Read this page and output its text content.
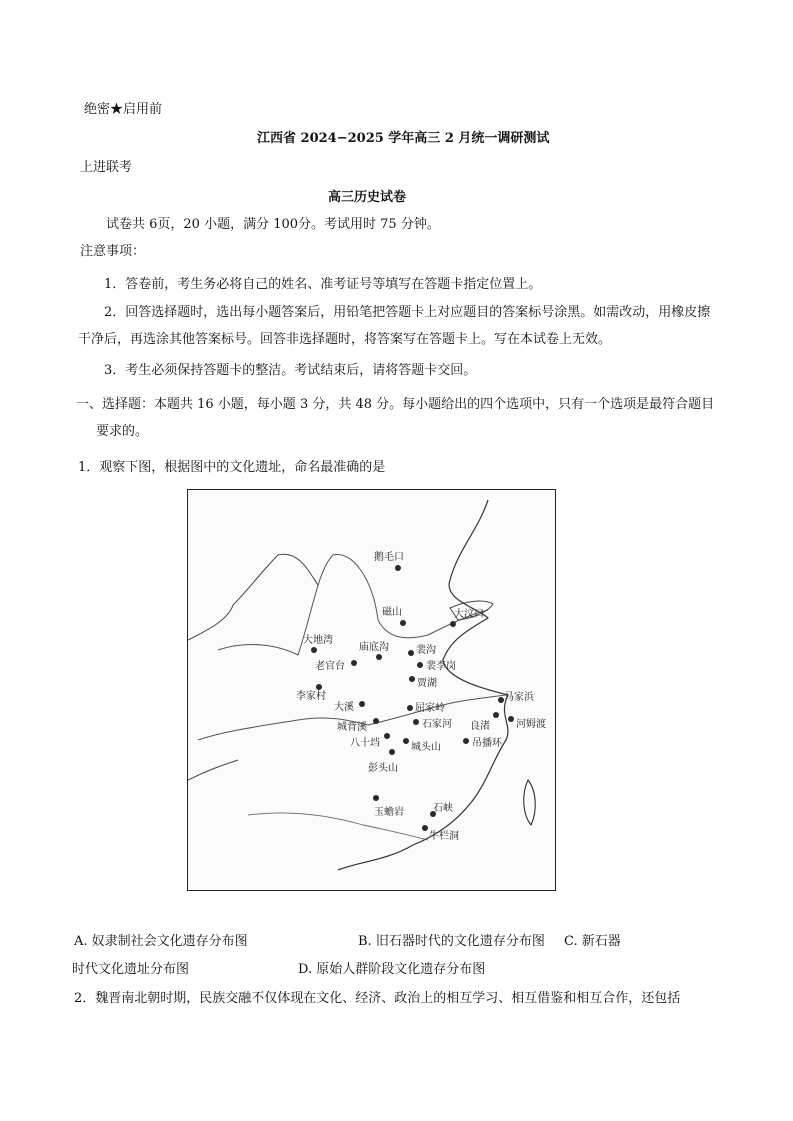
绝密★启用前
江西省 2024−2025 学年高三 2 月统一调研测试
上进联考
高三历史试卷
试卷共 6页，20 小题，满分 100分。考试用时 75 分钟。
注意事项：
1．答卷前，考生务必将自己的姓名、准考证号等填写在答题卡指定位置上。
2．回答选择题时，选出每小题答案后，用铅笔把答题卡上对应题目的答案标号涂黑。如需改动，用橡皮擦干净后，再选涂其他答案标号。回答非选择题时，将答案写在答题卡上。写在本试卷上无效。
3．考生必须保持答题卡的整洁。考试结束后，请将答题卡交回。
一、选择题：本题共 16 小题，每小题 3 分，共 48 分。每小题给出的四个选项中，只有一个选项是最符合题目要求的。
1．观察下图，根据图中的文化遗址，命名最准确的是
鹅毛口
磁山	大汶口
大地湾
庙底沟	裴沟
老官台	裴李岗
贾湖
李家村
大溪	屈家岭
马家浜
城背溪	石家河 良渚	河姆渡
八十垱	城头山	吊播环
彭头山
玉蟾岩	石峡
牛栏洞
A. 奴隶制社会文化遗存分布图	B. 旧石器时代的文化遗存分布图 C. 新石器
时代文化遗址分布图	D. 原始人群阶段文化遗存分布图
2．魏晋南北朝时期，民族交融不仅体现在文化、经济、政治上的相互学习、相互借鉴和相互合作，还包括
